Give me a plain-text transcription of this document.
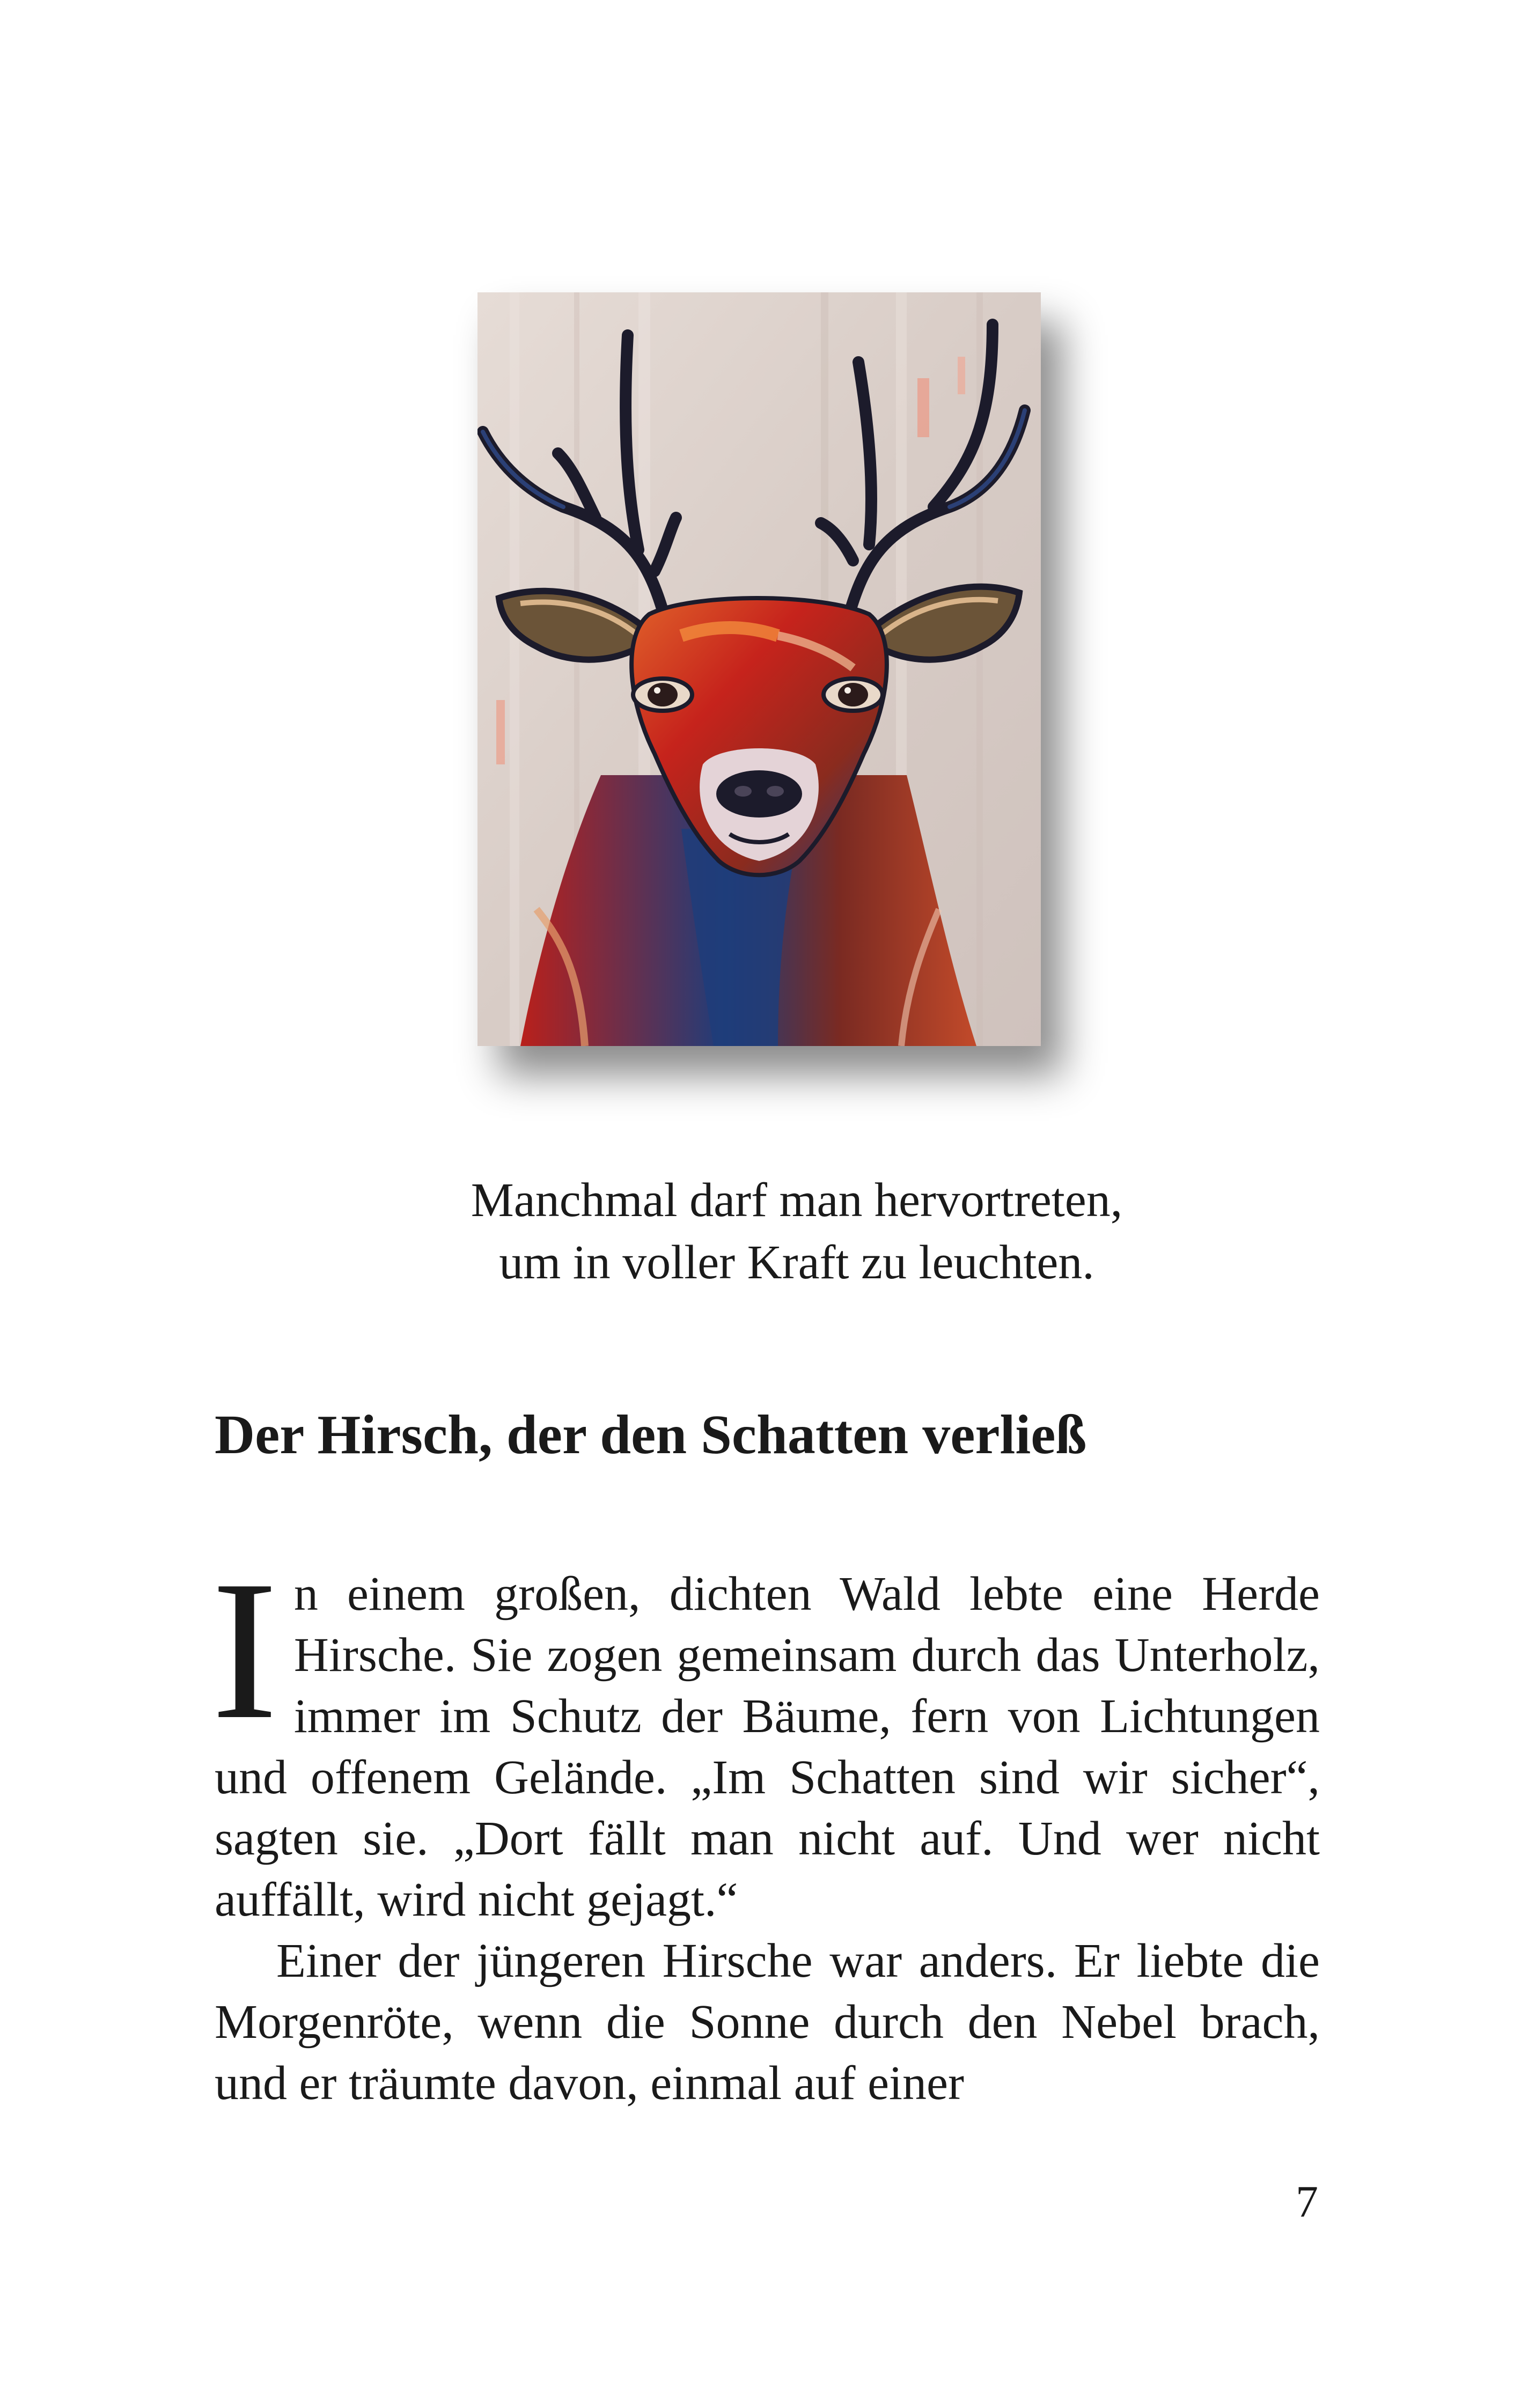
Manchmal darf man hervortreten,
um in voller Kraft zu leuchten.
Der Hirsch, der den Schatten verließ

In einem großen, dichten Wald lebte eine Herde Hirsche. Sie zogen gemeinsam durch das Unterholz, immer im Schutz der Bäume, fern von Lichtungen und offenem Gelände. „Im Schatten sind wir sicher“, sagten sie. „Dort fällt man nicht auf. Und wer nicht auffällt, wird nicht gejagt.“

Einer der jüngeren Hirsche war anders. Er liebte die Morgenröte, wenn die Sonne durch den Nebel brach, und er träumte davon, einmal auf einer

7
